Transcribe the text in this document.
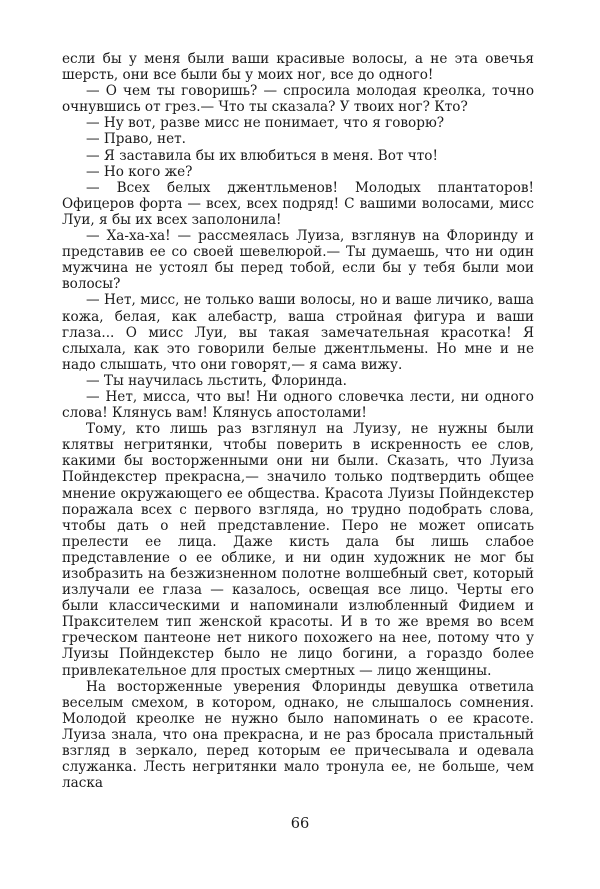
если бы у меня были ваши красивые волосы, а не эта овечья шерсть, они все были бы у моих ног, все до одного!

— О чем ты говоришь? — спросила молодая креолка, точно очнувшись от грез.— Что ты сказала? У твоих ног? Кто?

— Ну вот, разве мисс не понимает, что я говорю?

— Право, нет.

— Я заставила бы их влюбиться в меня. Вот что!

— Но кого же?

— Всех белых джентльменов! Молодых плантаторов! Офицеров форта — всех, всех подряд! С вашими волосами, мисс Луи, я бы их всех заполонила!

— Ха-ха-ха! — рассмеялась Луиза, взглянув на Флоринду и представив ее со своей шевелюрой.— Ты думаешь, что ни один мужчина не устоял бы перед тобой, если бы у тебя были мои волосы?

— Нет, мисс, не только ваши волосы, но и ваше личико, ваша кожа, белая, как алебастр, ваша стройная фигура и ваши глаза... О мисс Луи, вы такая замечательная красотка! Я слыхала, как это говорили белые джентльмены. Но мне и не надо слышать, что они говорят,— я сама вижу.

— Ты научилась льстить, Флоринда.

— Нет, мисса, что вы! Ни одного словечка лести, ни одного слова! Клянусь вам! Клянусь апостолами!

Тому, кто лишь раз взглянул на Луизу, не нужны были клятвы негритянки, чтобы поверить в искренность ее слов, какими бы восторженными они ни были. Сказать, что Луиза Пойндекстер прекрасна,— значило только подтвердить общее мнение окружающего ее общества. Красота Луизы Пойндекстер поражала всех с первого взгляда, но трудно подобрать слова, чтобы дать о ней представление. Перо не может описать прелести ее лица. Даже кисть дала бы лишь слабое представление о ее облике, и ни один художник не мог бы изобразить на безжизненном полотне волшебный свет, который излучали ее глаза — казалось, освещая все лицо. Черты его были классическими и напоминали излюбленный Фидием и Праксителем тип женской красоты. И в то же время во всем греческом пантеоне нет никого похожего на нее, потому что у Луизы Пойндекстер было не лицо богини, а гораздо более привлекательное для простых смертных — лицо женщины.

На восторженные уверения Флоринды девушка ответила веселым смехом, в котором, однако, не слышалось сомнения. Молодой креолке не нужно было напоминать о ее красоте. Луиза знала, что она прекрасна, и не раз бросала пристальный взгляд в зеркало, перед которым ее причесывала и одевала служанка. Лесть негритянки мало тронула ее, не больше, чем ласка

66
